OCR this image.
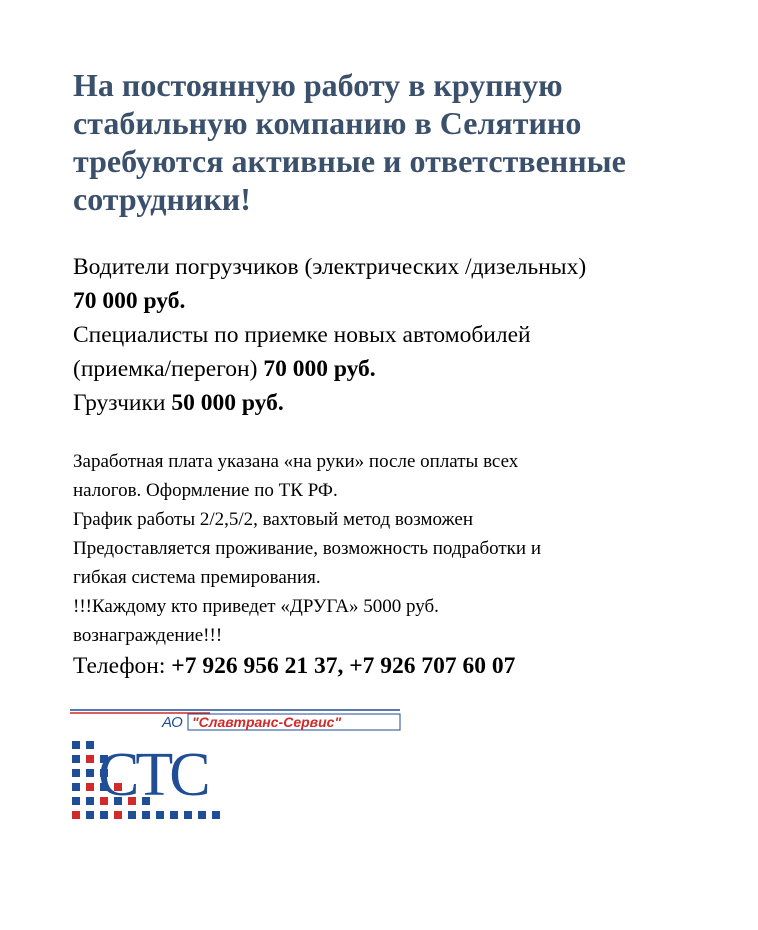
На постоянную работу в крупную
стабильную компанию в Селятино
требуются активные и ответственные
сотрудники!

Водители погрузчиков (электрических /дизельных)

70 000 руб.

Специалисты по приемке новых автомобилей

(приемка/перегон) 70 000 руб.

Грузчики 50 000 руб.

Заработная плата указана «на руки» после оплаты всех

налогов. Оформление по ТК РФ.

График работы 2/2,5/2, вахтовый метод возможен

Предоставляется проживание, возможность подработки и

гибкая система премирования.

!!!Каждому кто приведет «ДРУГА» 5000 руб.

вознаграждение!!!

Телефон: +7 926 956 21 37, +7 926 707 60 07
АО "Славтранс-Сервис"
СТС
